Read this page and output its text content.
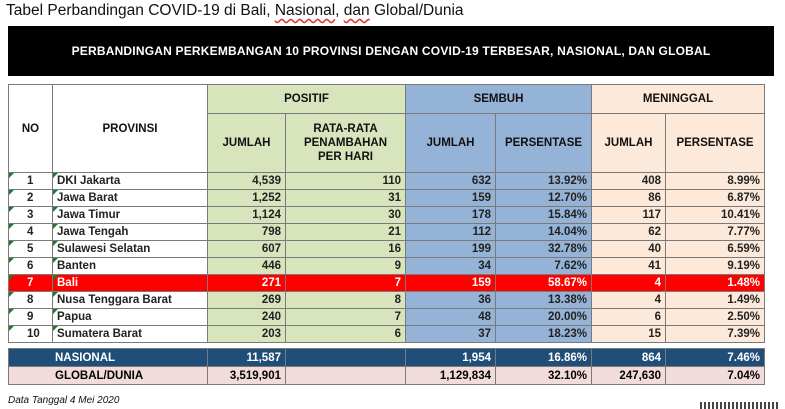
Tabel Perbandingan COVID-19 di Bali, Nasional, dan Global/Dunia
PERBANDINGAN PERKEMBANGAN 10 PROVINSI DENGAN COVID-19 TERBESAR, NASIONAL, DAN GLOBAL
NO	PROVINSI	POSITIF		SEMBUH		MENINGGAL	
		JUMLAH	RATA-RATA PENAMBAHAN PER HARI	JUMLAH	PERSENTASE	JUMLAH	PERSENTASE
1	DKI Jakarta	4,539	110	632	13.92%	408	8.99%
2	Jawa Barat	1,252	31	159	12.70%	86	6.87%
3	Jawa Timur	1,124	30	178	15.84%	117	10.41%
4	Jawa Tengah	798	21	112	14.04%	62	7.77%
5	Sulawesi Selatan	607	16	199	32.78%	40	6.59%
6	Banten	446	9	34	7.62%	41	9.19%
7	Bali	271	7	159	58.67%	4	1.48%
8	Nusa Tenggara Barat	269	8	36	13.38%	4	1.49%
9	Papua	240	7	48	20.00%	6	2.50%
10	Sumatera Barat	203	6	37	18.23%	15	7.39%

NASIONAL		11,587		1,954	16.86%	864	7.46%
GLOBAL/DUNIA		3,519,901		1,129,834	32.10%	247,630	7.04%
Data Tanggal 4 Mei 2020
